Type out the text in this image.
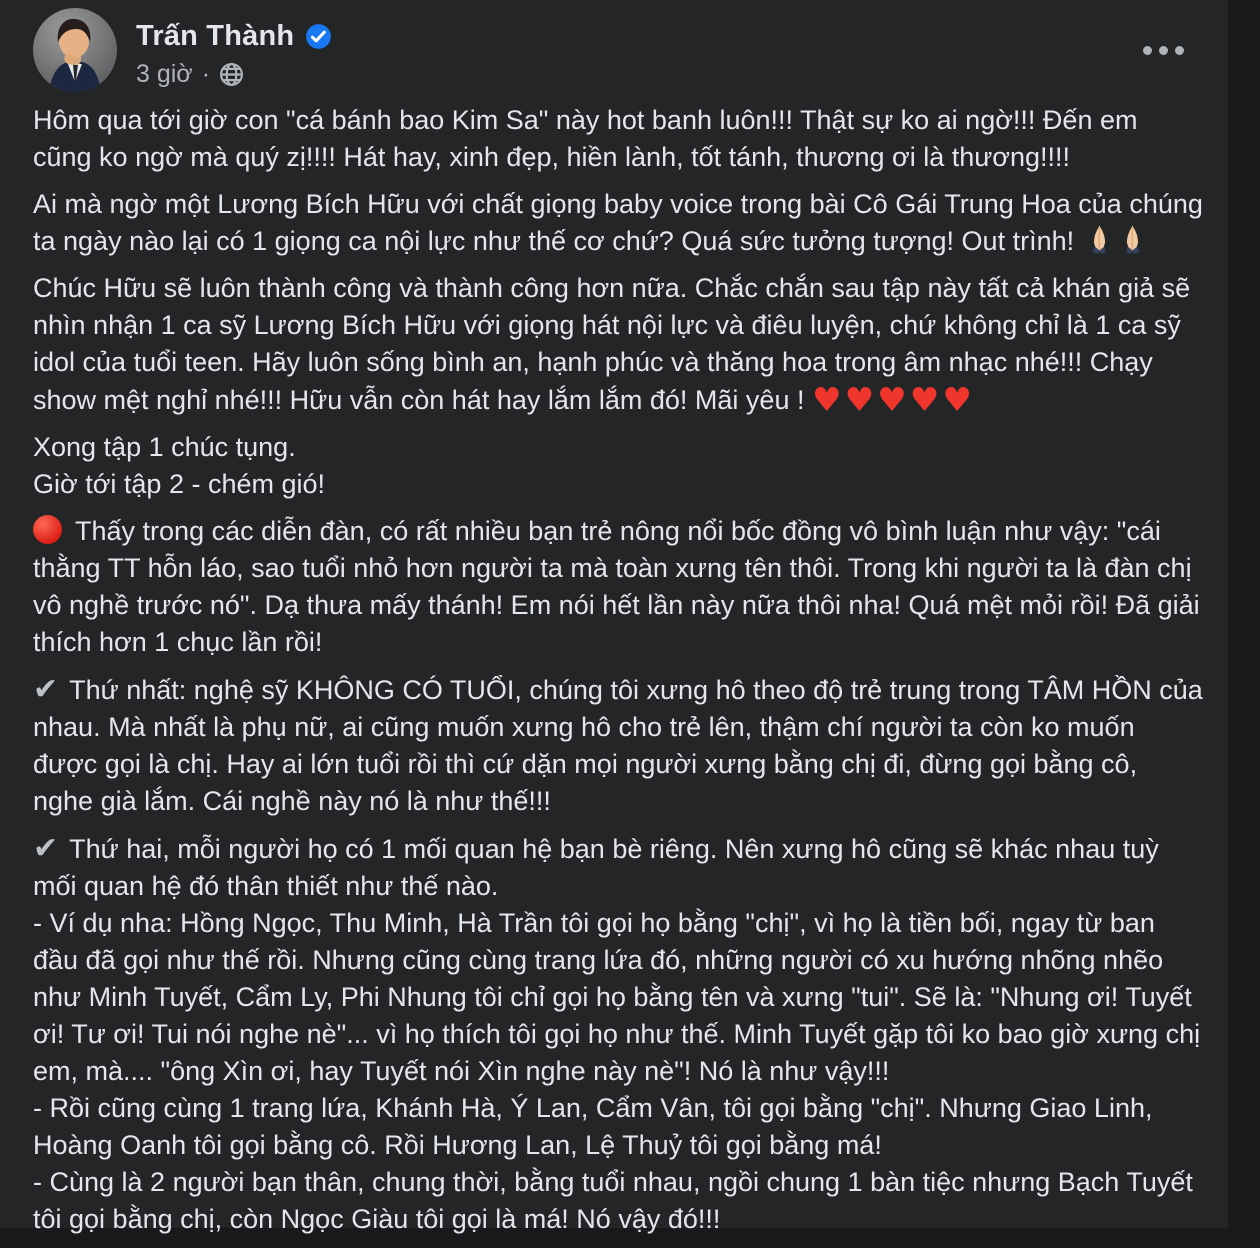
Trấn Thành
3 giờ ·

Hôm qua tới giờ con "cá bánh bao Kim Sa" này hot banh luôn!!! Thật sự ko ai ngờ!!! Đến em cũng ko ngờ mà quý zị!!!! Hát hay, xinh đẹp, hiền lành, tốt tánh, thương ơi là thương!!!!

Ai mà ngờ một Lương Bích Hữu với chất giọng baby voice trong bài Cô Gái Trung Hoa của chúng ta ngày nào lại có 1 giọng ca nội lực như thế cơ chứ? Quá sức tưởng tượng! Out trình!

Chúc Hữu sẽ luôn thành công và thành công hơn nữa. Chắc chắn sau tập này tất cả khán giả sẽ nhìn nhận 1 ca sỹ Lương Bích Hữu với giọng hát nội lực và điêu luyện, chứ không chỉ là 1 ca sỹ idol của tuổi teen. Hãy luôn sống bình an, hạnh phúc và thăng hoa trong âm nhạc nhé!!! Chạy show mệt nghỉ nhé!!! Hữu vẫn còn hát hay lắm lắm đó! Mãi yêu ! ♥♥♥♥♥

Xong tập 1 chúc tụng.
Giờ tới tập 2 - chém gió!

Thấy trong các diễn đàn, có rất nhiều bạn trẻ nông nổi bốc đồng vô bình luận như vậy: "cái thằng TT hỗn láo, sao tuổi nhỏ hơn người ta mà toàn xưng tên thôi. Trong khi người ta là đàn chị vô nghề trước nó". Dạ thưa mấy thánh! Em nói hết lần này nữa thôi nha! Quá mệt mỏi rồi! Đã giải thích hơn 1 chục lần rồi!

✔ Thứ nhất: nghệ sỹ KHÔNG CÓ TUỔI, chúng tôi xưng hô theo độ trẻ trung trong TÂM HỒN của nhau. Mà nhất là phụ nữ, ai cũng muốn xưng hô cho trẻ lên, thậm chí người ta còn ko muốn được gọi là chị. Hay ai lớn tuổi rồi thì cứ dặn mọi người xưng bằng chị đi, đừng gọi bằng cô, nghe già lắm. Cái nghề này nó là như thế!!!

✔ Thứ hai, mỗi người họ có 1 mối quan hệ bạn bè riêng. Nên xưng hô cũng sẽ khác nhau tuỳ mối quan hệ đó thân thiết như thế nào.
- Ví dụ nha: Hồng Ngọc, Thu Minh, Hà Trần tôi gọi họ bằng "chị", vì họ là tiền bối, ngay từ ban đầu đã gọi như thế rồi. Nhưng cũng cùng trang lứa đó, những người có xu hướng nhõng nhẽo như Minh Tuyết, Cẩm Ly, Phi Nhung tôi chỉ gọi họ bằng tên và xưng "tui". Sẽ là: "Nhung ơi! Tuyết ơi! Tư ơi! Tui nói nghe nè"... vì họ thích tôi gọi họ như thế. Minh Tuyết gặp tôi ko bao giờ xưng chị em, mà.... "ông Xìn ơi, hay Tuyết nói Xìn nghe này nè"! Nó là như vậy!!!
- Rồi cũng cùng 1 trang lứa, Khánh Hà, Ý Lan, Cẩm Vân, tôi gọi bằng "chị". Nhưng Giao Linh, Hoàng Oanh tôi gọi bằng cô. Rồi Hương Lan, Lệ Thuỷ tôi gọi bằng má!
- Cùng là 2 người bạn thân, chung thời, bằng tuổi nhau, ngồi chung 1 bàn tiệc nhưng Bạch Tuyết tôi gọi bằng chị, còn Ngọc Giàu tôi gọi là má! Nó vậy đó!!!
